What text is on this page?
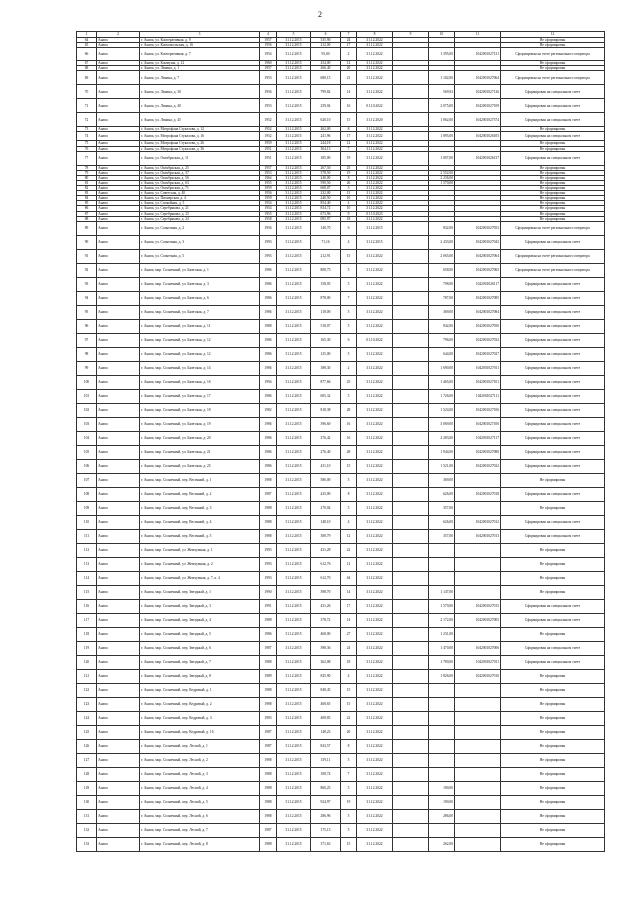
2
1	2	3	4	5	6	7	8	9	10	11	12
64	Анапа	г. Анапа, ул. Кооперативная, д. 9	1957	31.12.2015	535,90	24	31.12.2022				Не сформирован
65	Анапа	г. Анапа, ул. Комсомольская, д. 16	1956	31.12.2015	212,00	17	31.12.2022				Не сформирован
66	Анапа	г. Анапа, ул. Кооперативная, д. 7	1954	31.12.2015	93,00	2	31.12.2022		1 395,00	1042001027131	Сформирован на счете регионального оператора
67	Анапа	г. Анапа, ул. Коммуны, д. 12	1960	31.12.2015	254,00	12	31.12.2022				Не сформирован
68	Анапа	г. Анапа, ул. Ленина, д. 1	1957	31.12.2015	266,40	20	31.12.2022				Не сформирован
69	Анапа	г. Анапа, ул. Ленина, д. 7	1953	31.12.2015	680,15	21	31.12.2022		1 102,00	1042001027064	Сформирован на счете регионального оператора
70	Анапа	г. Анапа, ул. Ленина, д. 30	1956	31.12.2015	799,82	14	31.12.2022		569,92	1042001027126	Сформирован на специальном счете
71	Анапа	г. Анапа, ул. Ленина, д. 40	1953	31.12.2015	259,04	16	01.10.2022		2 075,00	1042001027109	Сформирован на специальном счете
72	Анапа	г. Анапа, ул. Ленина, д. 45	1952	31.12.2015	620,10	15	31.12.2020		1 062,00	1042001027374	Сформирован на специальном счете
73	Анапа	г. Анапа, ул. Митрофана Стукалова, д. 12	1952	31.12.2015	262,00	8	31.12.2022				Не сформирован
74	Анапа	г. Анапа, ул. Митрофана Стукалова, д. 16	1952	31.12.2015	241,96	17	31.12.2022		1 895,00	1042001026105	Сформирован на специальном счете
75	Анапа	г. Анапа, ул. Митрофана Стукалова, д. 26	1959	31.12.2015	244,18	12	31.12.2022				Не сформирован
76	Анапа	г. Анапа, ул. Митрофана Стукалова, д. 36	1951	31.12.2015	304,13	7	31.12.2022				Не сформирован
77	Анапа	г. Анапа, ул. Октябрьская, д. 11	1951	31.12.2015	185,00	19	31.12.2022		1 007,00	1042001026137	Сформирован на специальном счете
78	Анапа	г. Анапа, ул. Октябрьская, д. 25	1957	31.12.2015	267,50	25	31.12.2022				Не сформирован
79	Анапа	г. Анапа, ул. Октябрьская, д. 37	1953	31.12.2015	378,50	19	31.12.2022		2 552,00		Не сформирован
80	Анапа	г. Анапа, ул. Октябрьская, д. 56	1964	31.12.2015	240,00	8	31.12.2022		2 236,00		Не сформирован
81	Анапа	г. Анапа, ул. Октябрьская, д. 63	1955	31.12.2015	590,56	26	31.12.2022		1 570,00		Не сформирован
82	Анапа	г. Анапа, ул. Октябрьская, д. 71	1959	31.12.2015	608,07	5	31.12.2022				Не сформирован
83	Анапа	г. Анапа, ул. Советская, д. 40	1956	31.12.2015	232,00	13	31.12.2022				Не сформирован
84	Анапа	г. Анапа, ул. Пионерская, д. 4	1959	31.12.2015	240,50	10	31.12.2022				Не сформирован
85	Анапа	г. Анапа, ул. Спокойная, д. 5	1954	31.12.2015	854,40	4	31.12.2022				Не сформирован
86	Анапа	г. Анапа, ул. Серебрякова, д. 21	1954	31.12.2015	834,72	10	31.12.2022				Не сформирован
87	Анапа	г. Анапа, ул. Серебрякова, д. 23	1955	31.12.2015	673,96	9	01.10.2023				Не сформирован
88	Анапа	г. Анапа, ул. Серебрякова, д. 24	1958	31.12.2015	085,97	18	31.12.2022				Не сформирован
89	Анапа	г. Анапа, ул. Солнечная, д. 2	1956	31.12.2015	140,70	6	31.12.2015		832,00	1042001027053	Сформирован на счете регионального оператора
90	Анапа	г. Анапа, ул. Солнечная, д. 3	1993	31.12.2015	71,16	4	31.12.2015		2 433,00	1042001027043	Сформирован на специальном счете
91	Анапа	г. Анапа, ул. Солнечная, д. 5	1993	31.12.2015	212,91	15	31.12.2022		2 065,00	1042001027064	Сформирован на счете регионального оператора
92	Анапа	г. Анапа, мкр. Солнечный, ул. Бжегокая, д. 1	1986	31.12.2015	808,75	5	31.12.2022		658,00	1042001027065	Сформирован на счете регионального оператора
93	Анапа	г. Анапа, мкр. Солнечный, ул. Бжегокая, д. 3	1986	31.12.2015	158,05	5	31.12.2022		798,00	1042001026117	Сформирован на специальном счете
94	Анапа	г. Анапа, мкр. Солнечный, ул. Бжегокая, д. 6	1986	31.12.2015	878,00	7	31.12.2022		787,00	1042001027085	Сформирован на специальном счете
95	Анапа	г. Анапа, мкр. Солнечный, ул. Бжегокая, д. 7	1986	31.12.2015	118,00	5	31.12.2022		369,00	1042001027084	Сформирован на специальном счете
96	Анапа	г. Анапа, мкр. Солнечный, ул. Бжегокая, д. 11	1988	31.12.2015	518,07	5	31.12.2022		842,00	1042001027050	Сформирован на специальном счете
97	Анапа	г. Анапа, мкр. Солнечный, ул. Бжегокая, д. 12	1986	31.12.2015	165,30	6	01.10.2022		796,00	1042001027032	Сформирован на специальном счете
98	Анапа	г. Анапа, мкр. Солнечный, ул. Бжегокая, д. 12	1986	31.12.2015	125,00	5	31.12.2022		644,00	1042001027027	Сформирован на специальном счете
99	Анапа	г. Анапа, мкр. Солнечный, ул. Бжегокая, д. 14	1986	31.12.2015	188,30	2	31.12.2022		1 690,00	1042001027011	Сформирован на специальном счете
100	Анапа	г. Анапа, мкр. Солнечный, ул. Бжегокая, д. 16	1994	31.12.2015	877,66	25	31.12.2022		1 465,00	1042001027101	Сформирован на специальном счете
101	Анапа	г. Анапа, мкр. Солнечный, ул. Бжегокая, д. 17	1986	31.12.2015	605,32	5	31.12.2022		1 726,00	1042001027111	Сформирован на специальном счете
102	Анапа	г. Анапа, мкр. Солнечный, ул. Бжегокая, д. 18	1982	31.12.2015	818,38	28	31.12.2022		1 524,00	1042001027106	Сформирован на специальном счете
103	Анапа	г. Анапа, мкр. Солнечный, ул. Бжегокая, д. 19	1986	31.12.2015	396,60	16	31.12.2022		3 069,00	1042001027100	Сформирован на специальном счете
104	Анапа	г. Анапа, мкр. Солнечный, ул. Бжегокая, д. 20	1986	31.12.2015	276,42	16	31.12.2022		2 283,00	1042001027117	Сформирован на специальном счете
105	Анапа	г. Анапа, мкр. Солнечный, ул. Бжегокая, д. 21	1986	31.12.2015	276,40	28	31.12.2022		1 944,00	1042001027080	Сформирован на специальном счете
106	Анапа	г. Анапа, мкр. Солнечный, ул. Бжегокая, д. 25	1986	31.12.2015	431,10	15	31.12.2022		1 521,00	1042001027022	Сформирован на специальном счете
107	Анапа	г. Анапа, мкр. Солнечный, пер. Весенний, д. 1	1988	31.12.2015	586,00	5	31.12.2022		369,00		Не сформирован
108	Анапа	г. Анапа, мкр. Солнечный, пер. Весенний, д. 2	1987	31.12.2015	425,00	8	31.12.2022		626,00	1042001027018	Сформирован на специальном счете
109	Анапа	г. Анапа, мкр. Солнечный, пер. Весенний, д. 3	1988	31.12.2015	270,04	5	31.12.2022		357,00		Не сформирован
110	Анапа	г. Анапа, мкр. Солнечный, пер. Весенний, д. 4	1988	31.12.2015	148,10	4	31.12.2022		626,00	1042001027012	Сформирован на специальном счете
111	Анапа	г. Анапа, мкр. Солнечный, пер. Весенний, д. 5	1988	31.12.2015	308,79	12	31.12.2022		357,00	1042001027013	Сформирован на специальном счете
112	Анапа	г. Анапа, мкр. Солнечный, ул. Жемчужная, д. 1	1993	31.12.2015	431,28	22	31.12.2022				Не сформирован
113	Анапа	г. Анапа, мкр. Солнечный, ул. Жемчужная, д. 2	1993	31.12.2015	612,76	12	31.12.2022				Не сформирован
114	Анапа	г. Анапа, мкр. Солнечный, ул. Жемчужная, д. 7, к. 4	1993	31.12.2015	612,70	64	31.12.2022				Не сформирован
115	Анапа	г. Анапа, мкр. Солнечный, пер. Звездный, д. 1	1990	31.12.2015	398,70	14	31.12.2022		1 147,00		Не сформирован
116	Анапа	г. Анапа, мкр. Солнечный, пер. Звездный, д. 3	1991	31.12.2015	431,26	17	31.12.2022		1 570,00	1042001027015	Сформирован на специальном счете
117	Анапа	г. Анапа, мкр. Солнечный, пер. Звездный, д. 4	1988	31.12.2015	378,72	14	31.12.2022		2 172,00	1042001027005	Сформирован на специальном счете
118	Анапа	г. Анапа, мкр. Солнечный, пер. Звездный, д. 5	1986	31.12.2015	468,00	27	31.12.2022		1 231,00		Не сформирован
119	Анапа	г. Анапа, мкр. Солнечный, пер. Звездный, д. 6	1987	31.12.2015	398,36	24	31.12.2022		1 470,00	1042001027006	Сформирован на специальном счете
120	Анапа	г. Анапа, мкр. Солнечный, пер. Звездный, д. 7	1988	31.12.2015	362,08	18	31.12.2022		1 780,00	1042001027011	Сформирован на специальном счете
121	Анапа	г. Анапа, мкр. Солнечный, пер. Звездный, д. 8	1989	31.12.2015	845,90	4	31.12.2022		1 826,00	1042001027010	Не сформирован
122	Анапа	г. Анапа, мкр. Солнечный, пер. Кедровый, д. 1	1988	31.12.2015	848,45	15	31.12.2022				Не сформирован
123	Анапа	г. Анапа, мкр. Солнечный, пер. Кедровый, д. 2	1988	31.12.2015	468,65	15	31.12.2022				Не сформирован
124	Анапа	г. Анапа, мкр. Солнечный, пер. Кедровый, д. 3	1983	31.12.2015	408,85	22	31.12.2022				Не сформирован
125	Анапа	г. Анапа, мкр. Солнечный, пер. Кедровый, д. 16	1987	31.12.2015	148,23	20	31.12.2022				Не сформирован
126	Анапа	г. Анапа, мкр. Солнечный, пер. Лесной, д. 1	1987	31.12.2015	843,57	8	31.12.2022				Не сформирован
127	Анапа	г. Анапа, мкр. Солнечный, пер. Лесной, д. 2	1988	31.12.2015	159,11	5	31.12.2022				Не сформирован
128	Анапа	г. Анапа, мкр. Солнечный, пер. Лесной, д. 3	1988	31.12.2015	108,74	7	31.12.2022				Не сформирован
129	Анапа	г. Анапа, мкр. Солнечный, пер. Лесной, д. 4	1988	31.12.2015	860,25	5	31.12.2022		190,00		Не сформирован
130	Анапа	г. Анапа, мкр. Солнечный, пер. Лесной, д. 5	1988	31.12.2015	924,97	19	31.12.2022		190,00		Не сформирован
131	Анапа	г. Анапа, мкр. Солнечный, пер. Лесной, д. 6	1988	31.12.2015	286,96	5	31.12.2022		286,00		Не сформирован
132	Анапа	г. Анапа, мкр. Солнечный, пер. Лесной, д. 7	1987	31.12.2015	175,13	5	31.12.2022				Не сформирован
133	Анапа	г. Анапа, мкр. Солнечный, пер. Лесной, д. 8	1988	31.12.2015	371,63	15	31.12.2022		262,00		Не сформирован
